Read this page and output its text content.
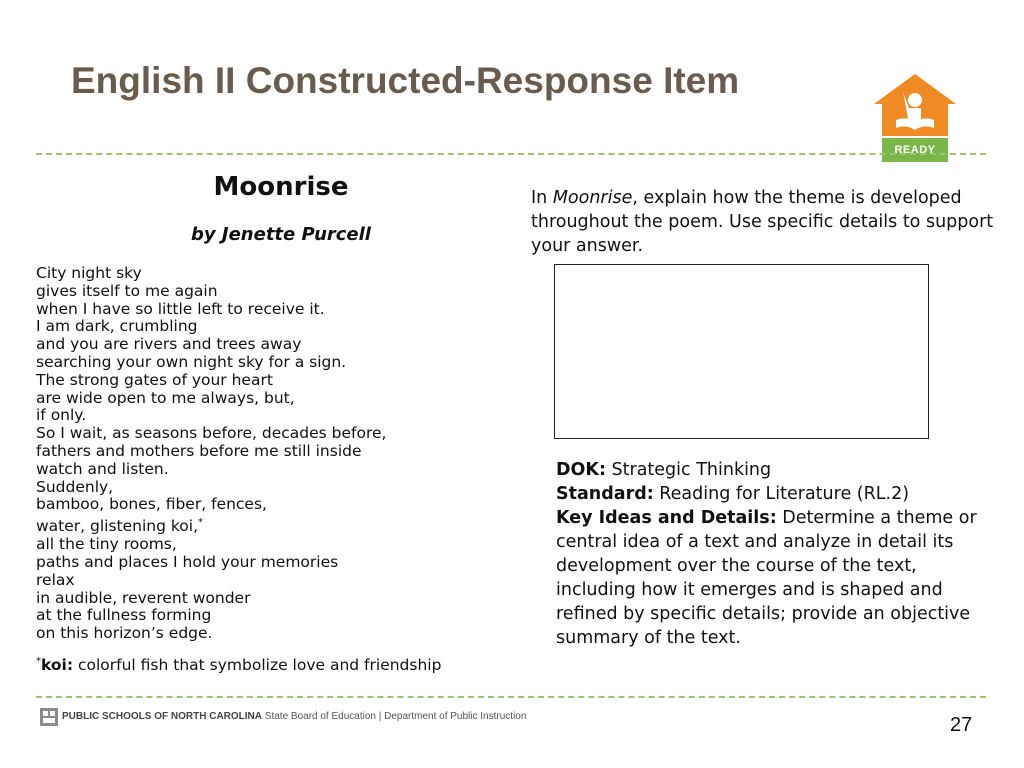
English II Constructed-Response Item
READY
Moonrise
by Jenette Purcell
City night sky
gives itself to me again
when I have so little left to receive it.
I am dark, crumbling
and you are rivers and trees away
searching your own night sky for a sign.
The strong gates of your heart
are wide open to me always, but,
if only.
So I wait, as seasons before, decades before,
fathers and mothers before me still inside
watch and listen.
Suddenly,
bamboo, bones, fiber, fences,
water, glistening koi,*
all the tiny rooms,
paths and places I hold your memories
relax
in audible, reverent wonder
at the fullness forming
on this horizon’s edge.
*koi: colorful fish that symbolize love and friendship
In Moonrise, explain how the theme is developed throughout the poem. Use specific details to support your answer.
DOK: Strategic Thinking
Standard: Reading for Literature (RL.2)
Key Ideas and Details: Determine a theme or central idea of a text and analyze in detail its development over the course of the text, including how it emerges and is shaped and refined by specific details; provide an objective summary of the text.
PUBLIC SCHOOLS OF NORTH CAROLINA State Board of Education | Department of Public Instruction	27
